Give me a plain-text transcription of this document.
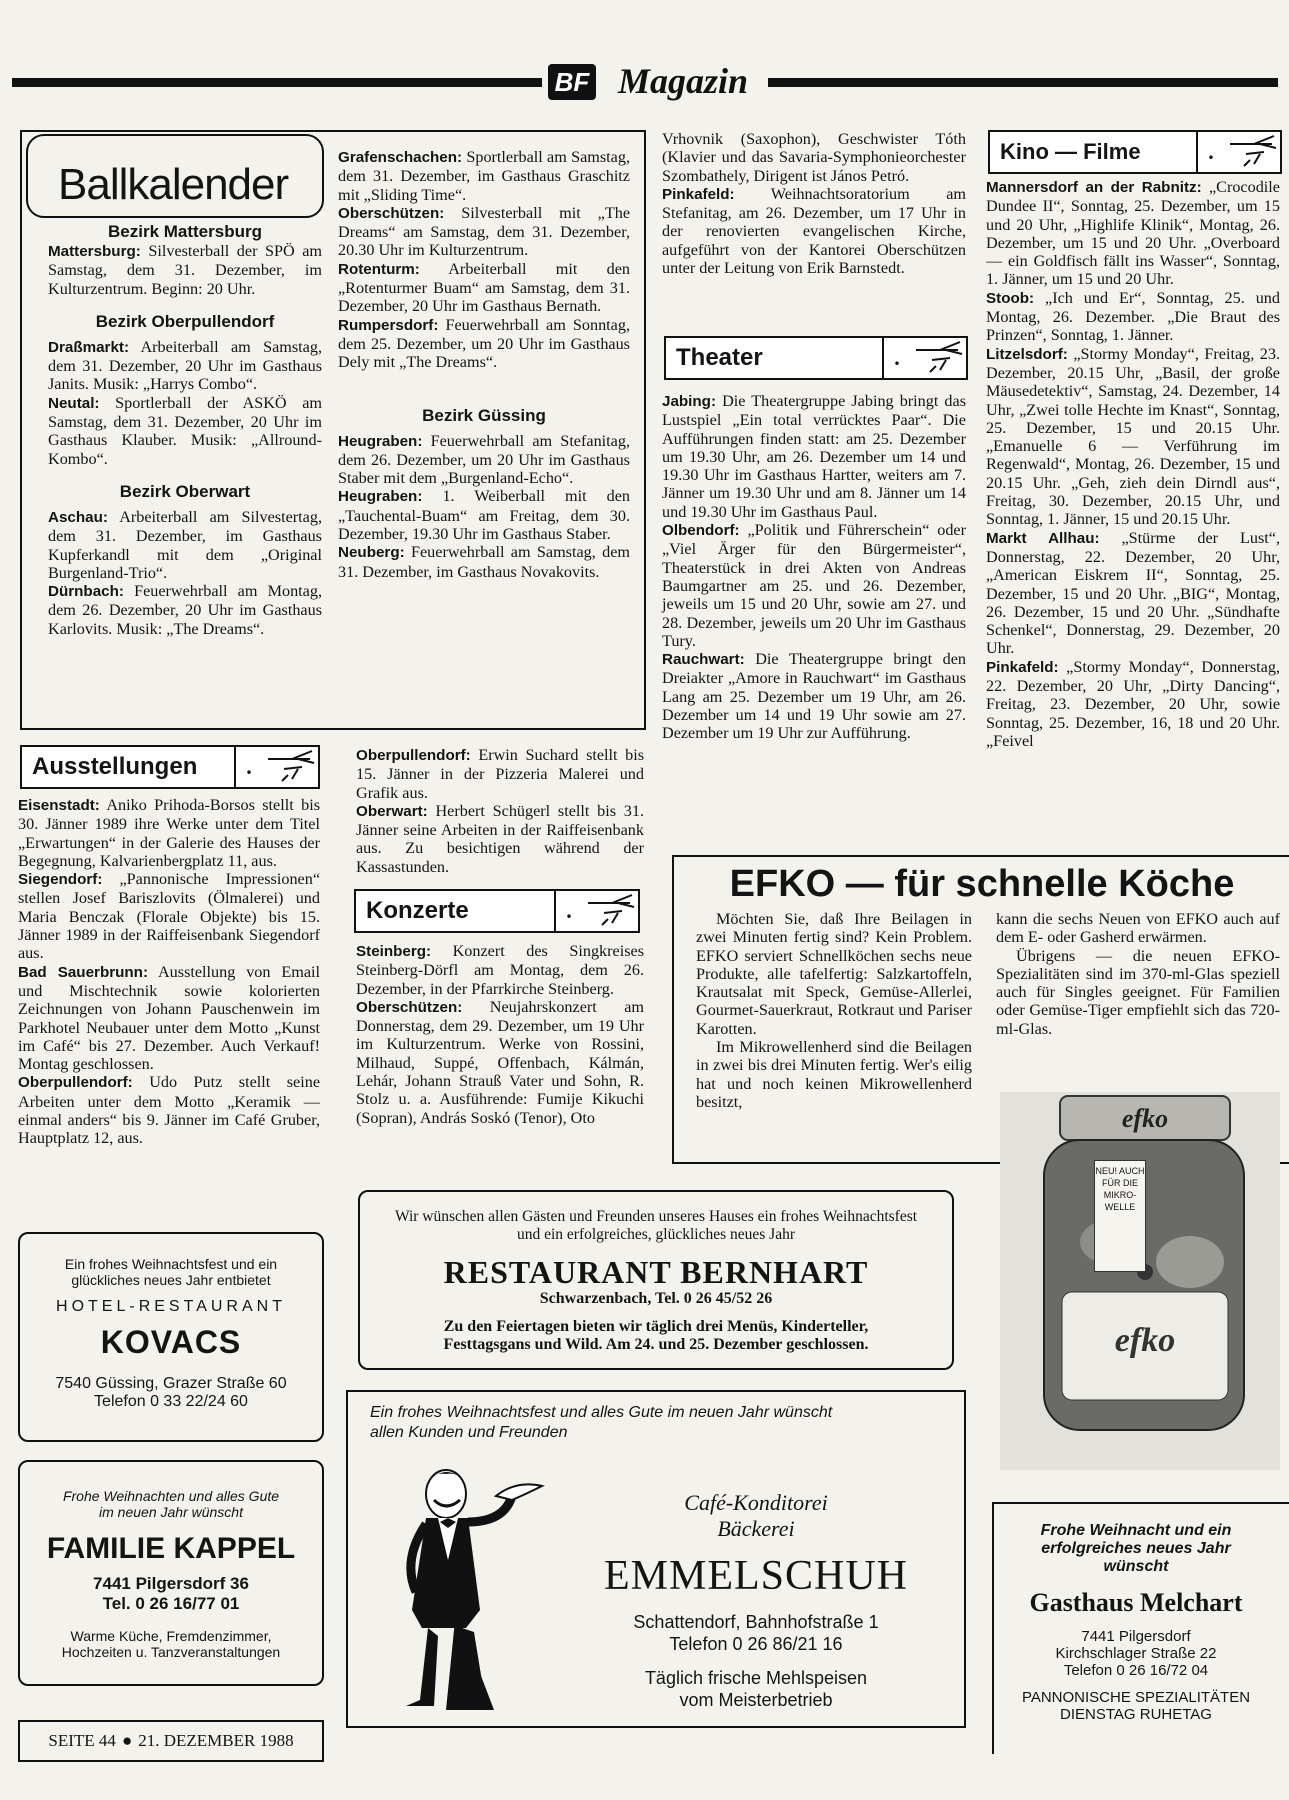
BF Magazin
Ballkalender

Bezirk Mattersburg

Mattersburg: Silvesterball der SPÖ am Samstag, dem 31. Dezember, im Kulturzentrum. Beginn: 20 Uhr.

Bezirk Oberpullendorf

Draßmarkt: Arbeiterball am Samstag, dem 31. Dezember, 20 Uhr im Gasthaus Janits. Musik: „Harrys Combo“.

Neutal: Sportlerball der ASKÖ am Samstag, dem 31. Dezember, 20 Uhr im Gasthaus Klauber. Musik: „Allround-Kombo“.

Bezirk Oberwart

Aschau: Arbeiterball am Silvestertag, dem 31. Dezember, im Gasthaus Kupferkandl mit dem „Original Burgenland-Trio“.

Dürnbach: Feuerwehrball am Montag, dem 26. Dezember, 20 Uhr im Gasthaus Karlovits. Musik: „The Dreams“.

Grafenschachen: Sportlerball am Samstag, dem 31. Dezember, im Gasthaus Graschitz mit „Sliding Time“.

Oberschützen: Silvesterball mit „The Dreams“ am Samstag, dem 31. Dezember, 20.30 Uhr im Kulturzentrum.

Rotenturm: Arbeiterball mit den „Rotenturmer Buam“ am Samstag, dem 31. Dezember, 20 Uhr im Gasthaus Bernath.

Rumpersdorf: Feuerwehrball am Sonntag, dem 25. Dezember, um 20 Uhr im Gasthaus Dely mit „The Dreams“.

Bezirk Güssing

Heugraben: Feuerwehrball am Stefanitag, dem 26. Dezember, um 20 Uhr im Gasthaus Staber mit dem „Burgenland-Echo“.

Heugraben: 1. Weiberball mit den „Tauchental-Buam“ am Freitag, dem 30. Dezember, 19.30 Uhr im Gasthaus Staber.

Neuberg: Feuerwehrball am Samstag, dem 31. Dezember, im Gasthaus Novakovits.

Ausstellungen	.

Eisenstadt: Aniko Prihoda-Borsos stellt bis 30. Jänner 1989 ihre Werke unter dem Titel „Erwartungen“ in der Galerie des Hauses der Begegnung, Kalvarienbergplatz 11, aus.

Siegendorf: „Pannonische Impressionen“ stellen Josef Bariszlovits (Ölmalerei) und Maria Benczak (Florale Objekte) bis 15. Jänner 1989 in der Raiffeisenbank Siegendorf aus.

Bad Sauerbrunn: Ausstellung von Email und Mischtechnik sowie kolorierten Zeichnungen von Johann Pauschenwein im Parkhotel Neubauer unter dem Motto „Kunst im Café“ bis 27. Dezember. Auch Verkauf! Montag geschlossen.

Oberpullendorf: Udo Putz stellt seine Arbeiten unter dem Motto „Keramik — einmal anders“ bis 9. Jänner im Café Gruber, Hauptplatz 12, aus.

Oberpullendorf: Erwin Suchard stellt bis 15. Jänner in der Pizzeria Malerei und Grafik aus.

Oberwart: Herbert Schügerl stellt bis 31. Jänner seine Arbeiten in der Raiffeisenbank aus. Zu besichtigen während der Kassastunden.

Konzerte	.

Steinberg: Konzert des Singkreises Steinberg-Dörfl am Montag, dem 26. Dezember, in der Pfarrkirche Steinberg.

Oberschützen: Neujahrskonzert am Donnerstag, dem 29. Dezember, um 19 Uhr im Kulturzentrum. Werke von Rossini, Milhaud, Suppé, Offenbach, Kálmán, Lehár, Johann Strauß Vater und Sohn, R. Stolz u. a. Ausführende: Fumije Kikuchi (Sopran), András Soskó (Tenor), Oto

Vrhovnik (Saxophon), Geschwister Tóth (Klavier und das Savaria-Symphonieorchester Szombathely, Dirigent ist János Petró.

Pinkafeld: Weihnachtsoratorium am Stefanitag, am 26. Dezember, um 17 Uhr in der renovierten evangelischen Kirche, aufgeführt von der Kantorei Oberschützen unter der Leitung von Erik Barnstedt.

Theater	.

Jabing: Die Theatergruppe Jabing bringt das Lustspiel „Ein total verrücktes Paar“. Die Aufführungen finden statt: am 25. Dezember um 19.30 Uhr, am 26. Dezember um 14 und 19.30 Uhr im Gasthaus Hartter, weiters am 7. Jänner um 19.30 Uhr und am 8. Jänner um 14 und 19.30 Uhr im Gasthaus Paul.

Olbendorf: „Politik und Führerschein“ oder „Viel Ärger für den Bürgermeister“, Theaterstück in drei Akten von Andreas Baumgartner am 25. und 26. Dezember, jeweils um 15 und 20 Uhr, sowie am 27. und 28. Dezember, jeweils um 20 Uhr im Gasthaus Tury.

Rauchwart: Die Theatergruppe bringt den Dreiakter „Amore in Rauchwart“ im Gasthaus Lang am 25. Dezember um 19 Uhr, am 26. Dezember um 14 und 19 Uhr sowie am 27. Dezember um 19 Uhr zur Aufführung.

Kino — Filme	.

Mannersdorf an der Rabnitz: „Crocodile Dundee II“, Sonntag, 25. Dezember, um 15 und 20 Uhr, „Highlife Klinik“, Montag, 26. Dezember, um 15 und 20 Uhr. „Overboard — ein Goldfisch fällt ins Wasser“, Sonntag, 1. Jänner, um 15 und 20 Uhr.

Stoob: „Ich und Er“, Sonntag, 25. und Montag, 26. Dezember. „Die Braut des Prinzen“, Sonntag, 1. Jänner.

Litzelsdorf: „Stormy Monday“, Freitag, 23. Dezember, 20.15 Uhr, „Basil, der große Mäusedetektiv“, Samstag, 24. Dezember, 14 Uhr, „Zwei tolle Hechte im Knast“, Sonntag, 25. Dezember, 15 und 20.15 Uhr. „Emanuelle 6 — Verführung im Regenwald“, Montag, 26. Dezember, 15 und 20.15 Uhr. „Geh, zieh dein Dirndl aus“, Freitag, 30. Dezember, 20.15 Uhr, und Sonntag, 1. Jänner, 15 und 20.15 Uhr.

Markt Allhau: „Stürme der Lust“, Donnerstag, 22. Dezember, 20 Uhr, „American Eiskrem II“, Sonntag, 25. Dezember, 15 und 20 Uhr. „BIG“, Montag, 26. Dezember, 15 und 20 Uhr. „Sündhafte Schenkel“, Donnerstag, 29. Dezember, 20 Uhr.

Pinkafeld: „Stormy Monday“, Donnerstag, 22. Dezember, 20 Uhr, „Dirty Dancing“, Freitag, 23. Dezember, 20 Uhr, sowie Sonntag, 25. Dezember, 16, 18 und 20 Uhr. „Feivel

EFKO — für schnelle Köche

Möchten Sie, daß Ihre Beilagen in zwei Minuten fertig sind? Kein Problem. EFKO serviert Schnellköchen sechs neue Produkte, alle tafelfertig: Salzkartoffeln, Krautsalat mit Speck, Gemüse-Allerlei, Gourmet-Sauerkraut, Rotkraut und Pariser Karotten.

Im Mikrowellenherd sind die Beilagen in zwei bis drei Minuten fertig. Wer's eilig hat und noch keinen Mikrowellenherd besitzt,

kann die sechs Neuen von EFKO auch auf dem E- oder Gasherd erwärmen.

Übrigens — die neuen EFKO-Spezialitäten sind im 370-ml-Glas speziell auch für Singles geeignet. Für Familien oder Gemüse-Tiger empfiehlt sich das 720-ml-Glas.

efko
efko
NEU! AUCH FÜR DIE MIKRO-WELLE
Ein frohes Weihnachtsfest und ein
glückliches neues Jahr entbietet
HOTEL-RESTAURANT
KOVACS
7540 Güssing, Grazer Straße 60
Telefon 0 33 22/24 60
Frohe Weihnachten und alles Gute
im neuen Jahr wünscht
FAMILIE KAPPEL
7441 Pilgersdorf 36
Tel. 0 26 16/77 01
Warme Küche, Fremdenzimmer,
Hochzeiten u. Tanzveranstaltungen
Wir wünschen allen Gästen und Freunden unseres Hauses ein frohes Weihnachtsfest und ein erfolgreiches, glückliches neues Jahr
RESTAURANT BERNHART
Schwarzenbach, Tel. 0 26 45/52 26
Zu den Feiertagen bieten wir täglich drei Menüs, Kinderteller,
Festtagsgans und Wild. Am 24. und 25. Dezember geschlossen.
Ein frohes Weihnachtsfest und alles Gute im neuen Jahr wünscht
allen Kunden und Freunden
Café-Konditorei
Bäckerei
EMMELSCHUH
Schattendorf, Bahnhofstraße 1
Telefon 0 26 86/21 16
Täglich frische Mehlspeisen
vom Meisterbetrieb
Frohe Weihnacht und ein
erfolgreiches neues Jahr
wünscht
Gasthaus Melchart
7441 Pilgersdorf
Kirchschlager Straße 22
Telefon 0 26 16/72 04
PANNONISCHE SPEZIALITÄTEN
DIENSTAG RUHETAG
SEITE 44 ● 21. DEZEMBER 1988
